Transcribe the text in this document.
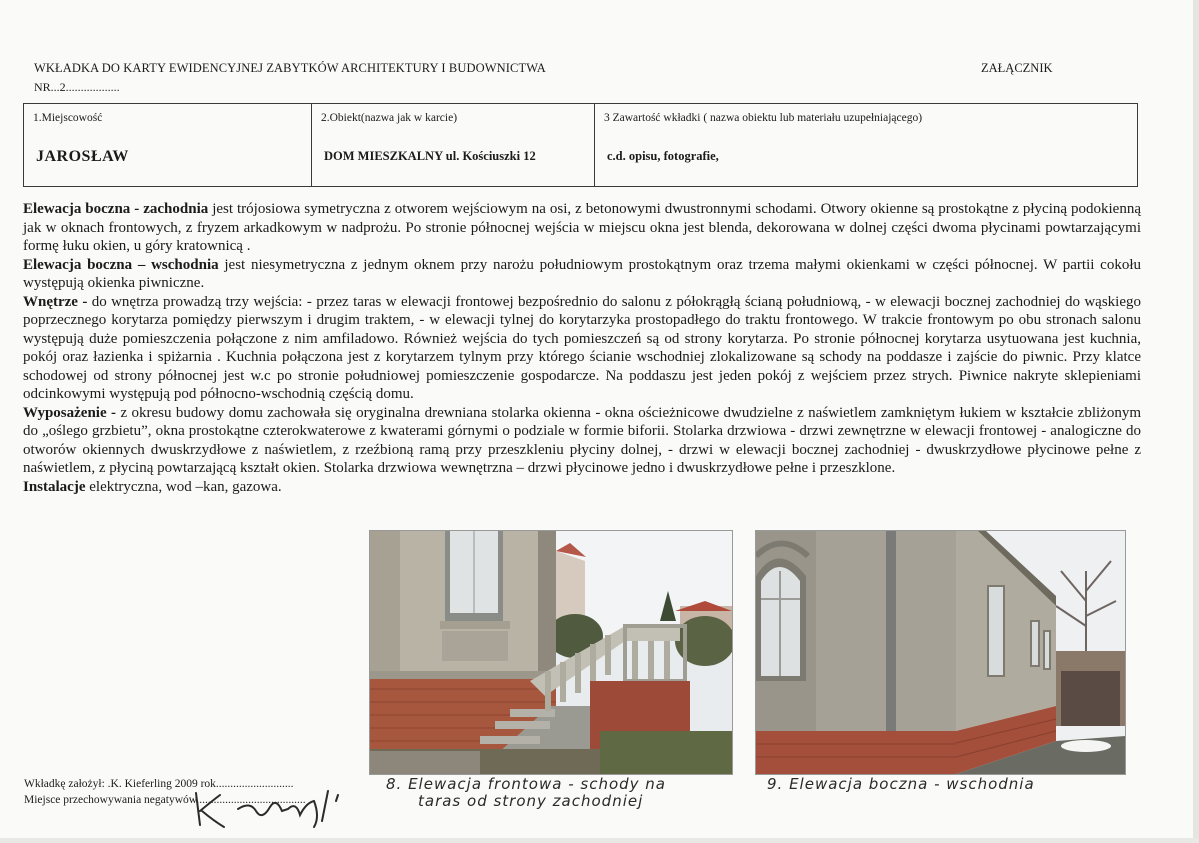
WKŁADKA DO KARTY EWIDENCYJNEJ ZABYTKÓW ARCHITEKTURY I BUDOWNICTWA
NR...2..................
ZAŁĄCZNIK
1.Miejscowość
JAROSŁAW

2.Obiekt(nazwa jak w karcie)
DOM MIESZKALNY ul. Kościuszki 12

3 Zawartość wkładki ( nazwa obiektu lub materiału uzupełniającego)
c.d. opisu, fotografie,

Elewacja boczna - zachodnia jest trójosiowa symetryczna z otworem wejściowym na osi, z betonowymi dwustronnymi schodami. Otwory okienne są prostokątne z płyciną podokienną jak w oknach frontowych, z fryzem arkadkowym w nadprożu. Po stronie północnej wejścia w miejscu okna jest blenda, dekorowana w dolnej części dwoma płycinami powtarzającymi formę łuku okien, u góry kratownicą .

Elewacja boczna – wschodnia jest niesymetryczna z jednym oknem przy narożu południowym prostokątnym oraz trzema małymi okienkami w części północnej. W partii cokołu występują okienka piwniczne.

Wnętrze - do wnętrza prowadzą trzy wejścia: - przez taras w elewacji frontowej bezpośrednio do salonu z półokrągłą ścianą południową, - w elewacji bocznej zachodniej do wąskiego poprzecznego korytarza pomiędzy pierwszym i drugim traktem, - w elewacji tylnej do korytarzyka prostopadłego do traktu frontowego. W trakcie frontowym po obu stronach salonu występują duże pomieszczenia połączone z nim amfiladowo. Również wejścia do tych pomieszczeń są od strony korytarza. Po stronie północnej korytarza usytuowana jest kuchnia, pokój oraz łazienka i spiżarnia . Kuchnia połączona jest z korytarzem tylnym przy którego ścianie wschodniej zlokalizowane są schody na poddasze i zajście do piwnic. Przy klatce schodowej od strony północnej jest w.c po stronie południowej pomieszczenie gospodarcze. Na poddaszu jest jeden pokój z wejściem przez strych. Piwnice nakryte sklepieniami odcinkowymi występują pod północno-wschodnią częścią domu.

Wyposażenie - z okresu budowy domu zachowała się oryginalna drewniana stolarka okienna - okna ościeżnicowe dwudzielne z naświetlem zamkniętym łukiem w kształcie zbliżonym do „oślego grzbietu”, okna prostokątne czterokwaterowe z kwaterami górnymi o podziale w formie biforii. Stolarka drzwiowa - drzwi zewnętrzne w elewacji frontowej - analogiczne do otworów okiennych dwuskrzydłowe z naświetlem, z rzeźbioną ramą przy przeszkleniu płyciny dolnej, - drzwi w elewacji bocznej zachodniej - dwuskrzydłowe płycinowe pełne z naświetlem, z płyciną powtarzającą kształt okien. Stolarka drzwiowa wewnętrzna – drzwi płycinowe jedno i dwuskrzydłowe pełne i przeszklone.

Instalacje elektryczna, wod –kan, gazowa.

Wkładkę założył: .K. Kieferling 2009 rok...........................
Miejsce przechowywania negatywów......................................
8. Elewacja frontowa - schody na
taras od strony zachodniej
9. Elewacja boczna - wschodnia
